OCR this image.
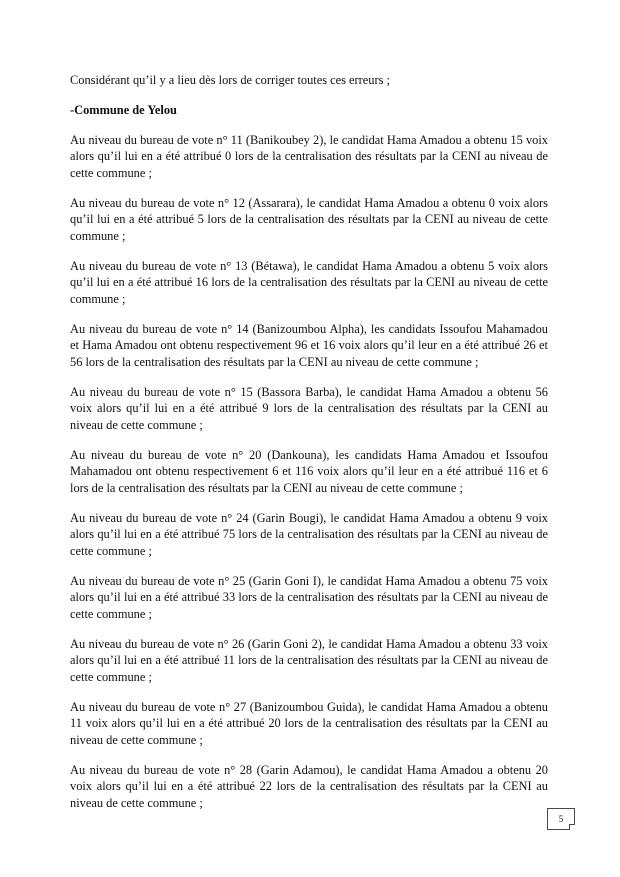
Considérant qu’il y a lieu dès lors de corriger toutes ces erreurs ;

-Commune de Yelou

Au niveau du bureau de vote n° 11 (Banikoubey 2), le candidat Hama Amadou a obtenu 15 voix alors qu’il lui en a été attribué 0 lors de la centralisation des résultats par la CENI au niveau de cette commune ;

Au niveau du bureau de vote n° 12 (Assarara), le candidat Hama Amadou a obtenu 0 voix alors qu’il lui en a été attribué 5 lors de la centralisation des résultats par la CENI au niveau de cette commune ;

Au niveau du bureau de vote n° 13 (Bétawa), le candidat Hama Amadou a obtenu 5 voix alors qu’il lui en a été attribué 16 lors de la centralisation des résultats par la CENI au niveau de cette commune ;

Au niveau du bureau de vote n° 14 (Banizoumbou Alpha), les candidats Issoufou Mahamadou et Hama Amadou ont obtenu respectivement 96 et 16 voix alors qu’il leur en a été attribué 26 et 56 lors de la centralisation des résultats par la CENI au niveau de cette commune ;

Au niveau du bureau de vote n° 15 (Bassora Barba), le candidat Hama Amadou a obtenu 56 voix alors qu’il lui en a été attribué 9 lors de la centralisation des résultats par la CENI au niveau de cette commune ;

Au niveau du bureau de vote n° 20 (Dankouna), les candidats Hama Amadou et Issoufou Mahamadou ont obtenu respectivement 6 et 116 voix alors qu’il leur en a été attribué 116 et 6 lors de la centralisation des résultats par la CENI au niveau de cette commune ;

Au niveau du bureau de vote n° 24 (Garin Bougi), le candidat Hama Amadou a obtenu 9 voix alors qu’il lui en a été attribué 75 lors de la centralisation des résultats par la CENI au niveau de cette commune ;

Au niveau du bureau de vote n° 25 (Garin Goni I), le candidat Hama Amadou a obtenu 75 voix alors qu’il lui en a été attribué 33 lors de la centralisation des résultats par la CENI au niveau de cette commune ;

Au niveau du bureau de vote n° 26 (Garin Goni 2), le candidat Hama Amadou a obtenu 33 voix alors qu’il lui en a été attribué 11 lors de la centralisation des résultats par la CENI au niveau de cette commune ;

Au niveau du bureau de vote n° 27 (Banizoumbou Guida), le candidat Hama Amadou a obtenu 11 voix alors qu’il lui en a été attribué 20 lors de la centralisation des résultats par la CENI au niveau de cette commune ;

Au niveau du bureau de vote n° 28 (Garin Adamou), le candidat Hama Amadou a obtenu 20 voix alors qu’il lui en a été attribué 22 lors de la centralisation des résultats par la CENI au niveau de cette commune ;

5
